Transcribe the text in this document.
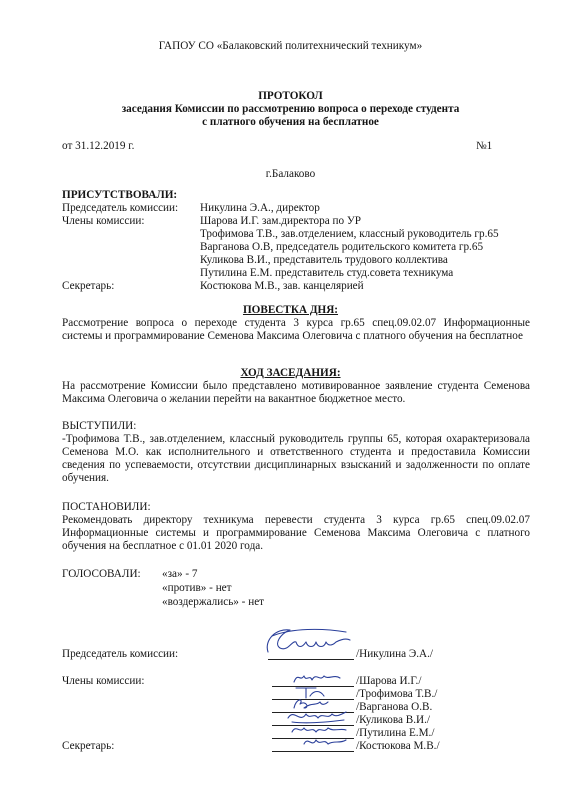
ГАПОУ СО «Балаковский политехнический техникум»
ПРОТОКОЛ
заседания Комиссии по рассмотрению вопроса о переходе студента
с платного обучения на бесплатное
от 31.12.2019 г.	№1
г.Балаково
ПРИСУТСТВОВАЛИ:
Председатель комиссии: Никулина Э.А., директор
Члены комиссии:	Шарова И.Г. зам.директора по УР
Трофимова Т.В., зав.отделением, классный руководитель гр.65
Варганова О.В, председатель родительского комитета гр.65
Куликова В.И., представитель трудового коллектива
Путилина Е.М. представитель студ.совета техникума
Секретарь:	Костюкова М.В., зав. канцелярией
ПОВЕСТКА ДНЯ:
Рассмотрение вопроса о переходе студента 3 курса гр.65 спец.09.02.07 Информационные системы и программирование Семенова Максима Олеговича с платного обучения на бесплатное
ХОД ЗАСЕДАНИЯ:
На рассмотрение Комиссии было представлено мотивированное заявление студента Семенова Максима Олеговича о желании перейти на вакантное бюджетное место.
ВЫСТУПИЛИ:
-Трофимова Т.В., зав.отделением, классный руководитель группы 65, которая охарактеризовала Семенова М.О. как исполнительного и ответственного студента и предоставила Комиссии сведения по успеваемости, отсутствии дисциплинарных взысканий и задолженности по оплате обучения.
ПОСТАНОВИЛИ:
Рекомендовать директору техникума перевести студента 3 курса гр.65 спец.09.02.07 Информационные системы и программирование Семенова Максима Олеговича с платного обучения на бесплатное с 01.01 2020 года.
ГОЛОСОВАЛИ: «за» - 7
«против» - нет
«воздержались» - нет
Председатель комиссии:	/Никулина Э.А./
Члены комиссии:	/Шарова И.Г./
/Трофимова Т.В./
/Варганова О.В.
/Куликова В.И./
/Путилина Е.М./
Секретарь:	/Костюкова М.В./
